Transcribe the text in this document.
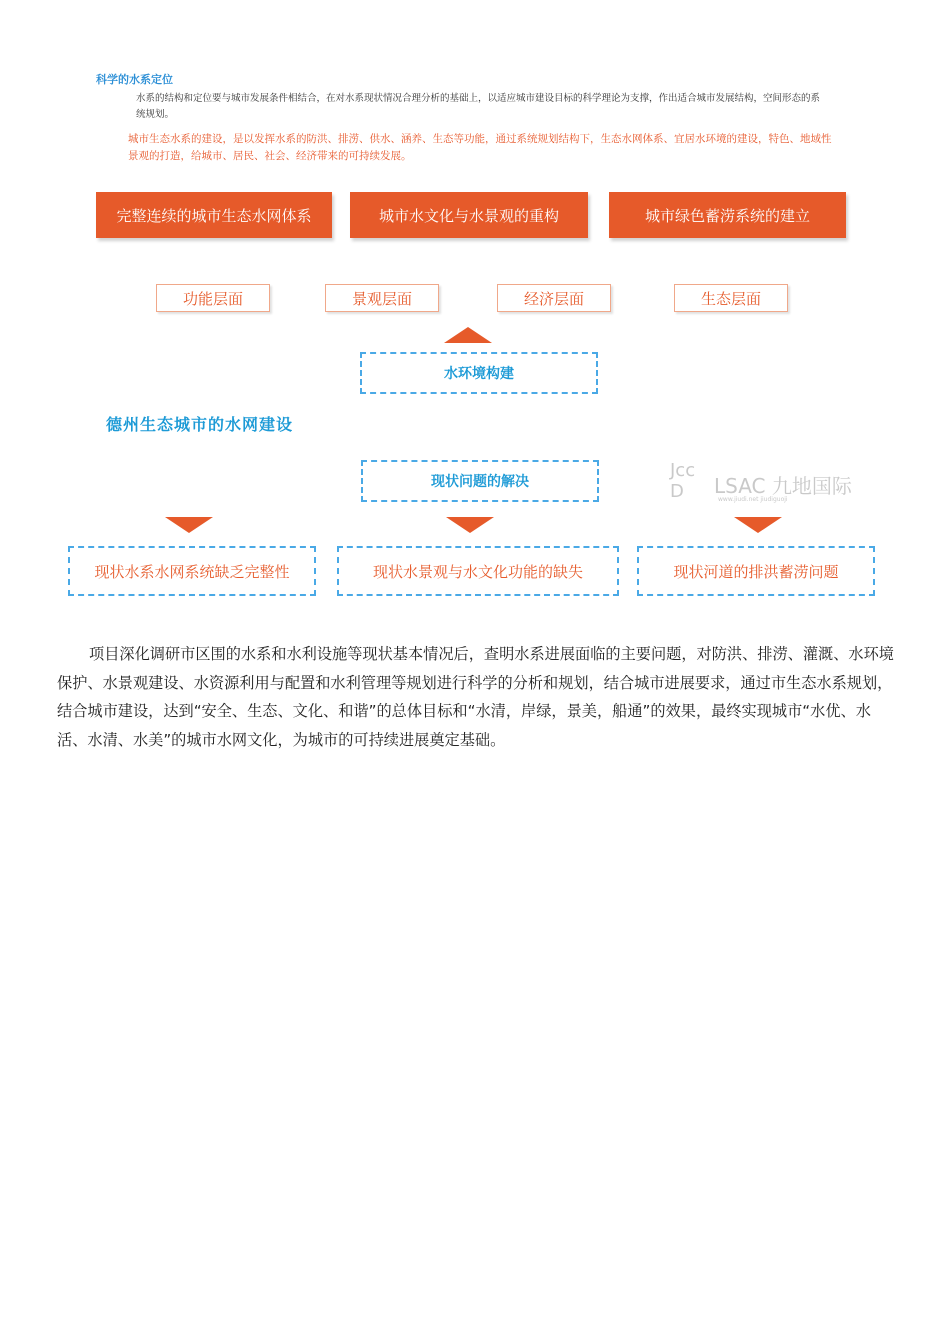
科学的水系定位
水系的结构和定位要与城市发展条件相结合，在对水系现状情况合理分析的基础上，以适应城市建设目标的科学理论为支撑，作出适合城市发展结构，空间形态的系统规划。
城市生态水系的建设，是以发挥水系的防洪、排涝、供水、涵养、生态等功能，通过系统规划结构下，生态水网体系、宜居水环境的建设，特色、地域性景观的打造，给城市、居民、社会、经济带来的可持续发展。
完整连续的城市生态水网体系	城市水文化与水景观的重构	城市绿色蓄涝系统的建立
功能层面	景观层面	经济层面	生态层面
水环境构建
德州生态城市的水网建设
现状问题的解决
Jcc D	LSAC 九地国际
www.jiudi.net jiudiguoji
现状水系水网系统缺乏完整性	现状水景观与水文化功能的缺失	现状河道的排洪蓄涝问题
项目深化调研市区围的水系和水利设施等现状基本情况后，查明水系进展面临的主要问题，对防洪、排涝、灌溉、水环境保护、水景观建设、水资源利用与配置和水利管理等规划进行科学的分析和规划，结合城市进展要求，通过市生态水系规划，结合城市建设，达到“安全、生态、文化、和谐”的总体目标和“水清，岸绿，景美，船通”的效果，最终实现城市“水优、水活、水清、水美”的城市水网文化，为城市的可持续进展奠定基础。
